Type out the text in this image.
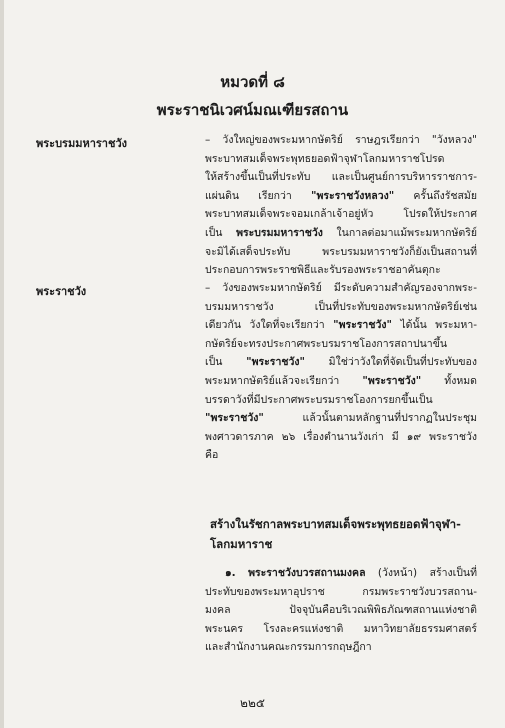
หมวดที่ ๘
พระราชนิเวศน์มณเฑียรสถาน
พระบรมมหาราชวัง	– วังใหญ่ของพระมหากษัตริย์ ราษฎรเรียกว่า "วังหลวง"
พระบาทสมเด็จพระพุทธยอดฟ้าจุฬาโลกมหาราชโปรด
ให้สร้างขึ้นเป็นที่ประทับ และเป็นศูนย์การบริหารราชการ-
แผ่นดิน เรียกว่า "พระราชวังหลวง" ครั้นถึงรัชสมัย
พระบาทสมเด็จพระจอมเกล้าเจ้าอยู่หัว โปรดให้ประกาศ
เป็น พระบรมมหาราชวัง ในกาลต่อมาแม้พระมหากษัตริย์
จะมิได้เสด็จประทับ พระบรมมหาราชวังก็ยังเป็นสถานที่
ประกอบการพระราชพิธีและรับรองพระราชอาคันตุกะ
พระราชวัง	– วังของพระมหากษัตริย์ มีระดับความสำคัญรองจากพระ-
บรมมหาราชวัง เป็นที่ประทับของพระมหากษัตริย์เช่น
เดียวกัน วังใดที่จะเรียกว่า "พระราชวัง" ได้นั้น พระมหา-
กษัตริย์จะทรงประกาศพระบรมราชโองการสถาปนาขึ้น
เป็น "พระราชวัง" มิใช่ว่าวังใดที่จัดเป็นที่ประทับของ
พระมหากษัตริย์แล้วจะเรียกว่า "พระราชวัง" ทั้งหมด
บรรดาวังที่มีประกาศพระบรมราชโองการยกขึ้นเป็น
"พระราชวัง" แล้วนั้นตามหลักฐานที่ปรากฏในประชุม
พงศาวดารภาค ๒๖ เรื่องตำนานวังเก่า มี ๑๙ พระราชวัง
คือ
สร้างในรัชกาลพระบาทสมเด็จพระพุทธยอดฟ้าจุฬา-
โลกมหาราช
๑. พระราชวังบวรสถานมงคล (วังหน้า) สร้างเป็นที่
ประทับของพระมหาอุปราช กรมพระราชวังบวรสถาน-
มงคล ปัจจุบันคือบริเวณพิพิธภัณฑสถานแห่งชาติ
พระนคร โรงละครแห่งชาติ มหาวิทยาลัยธรรมศาสตร์
และสำนักงานคณะกรรมการกฤษฎีกา
๒๒๕
